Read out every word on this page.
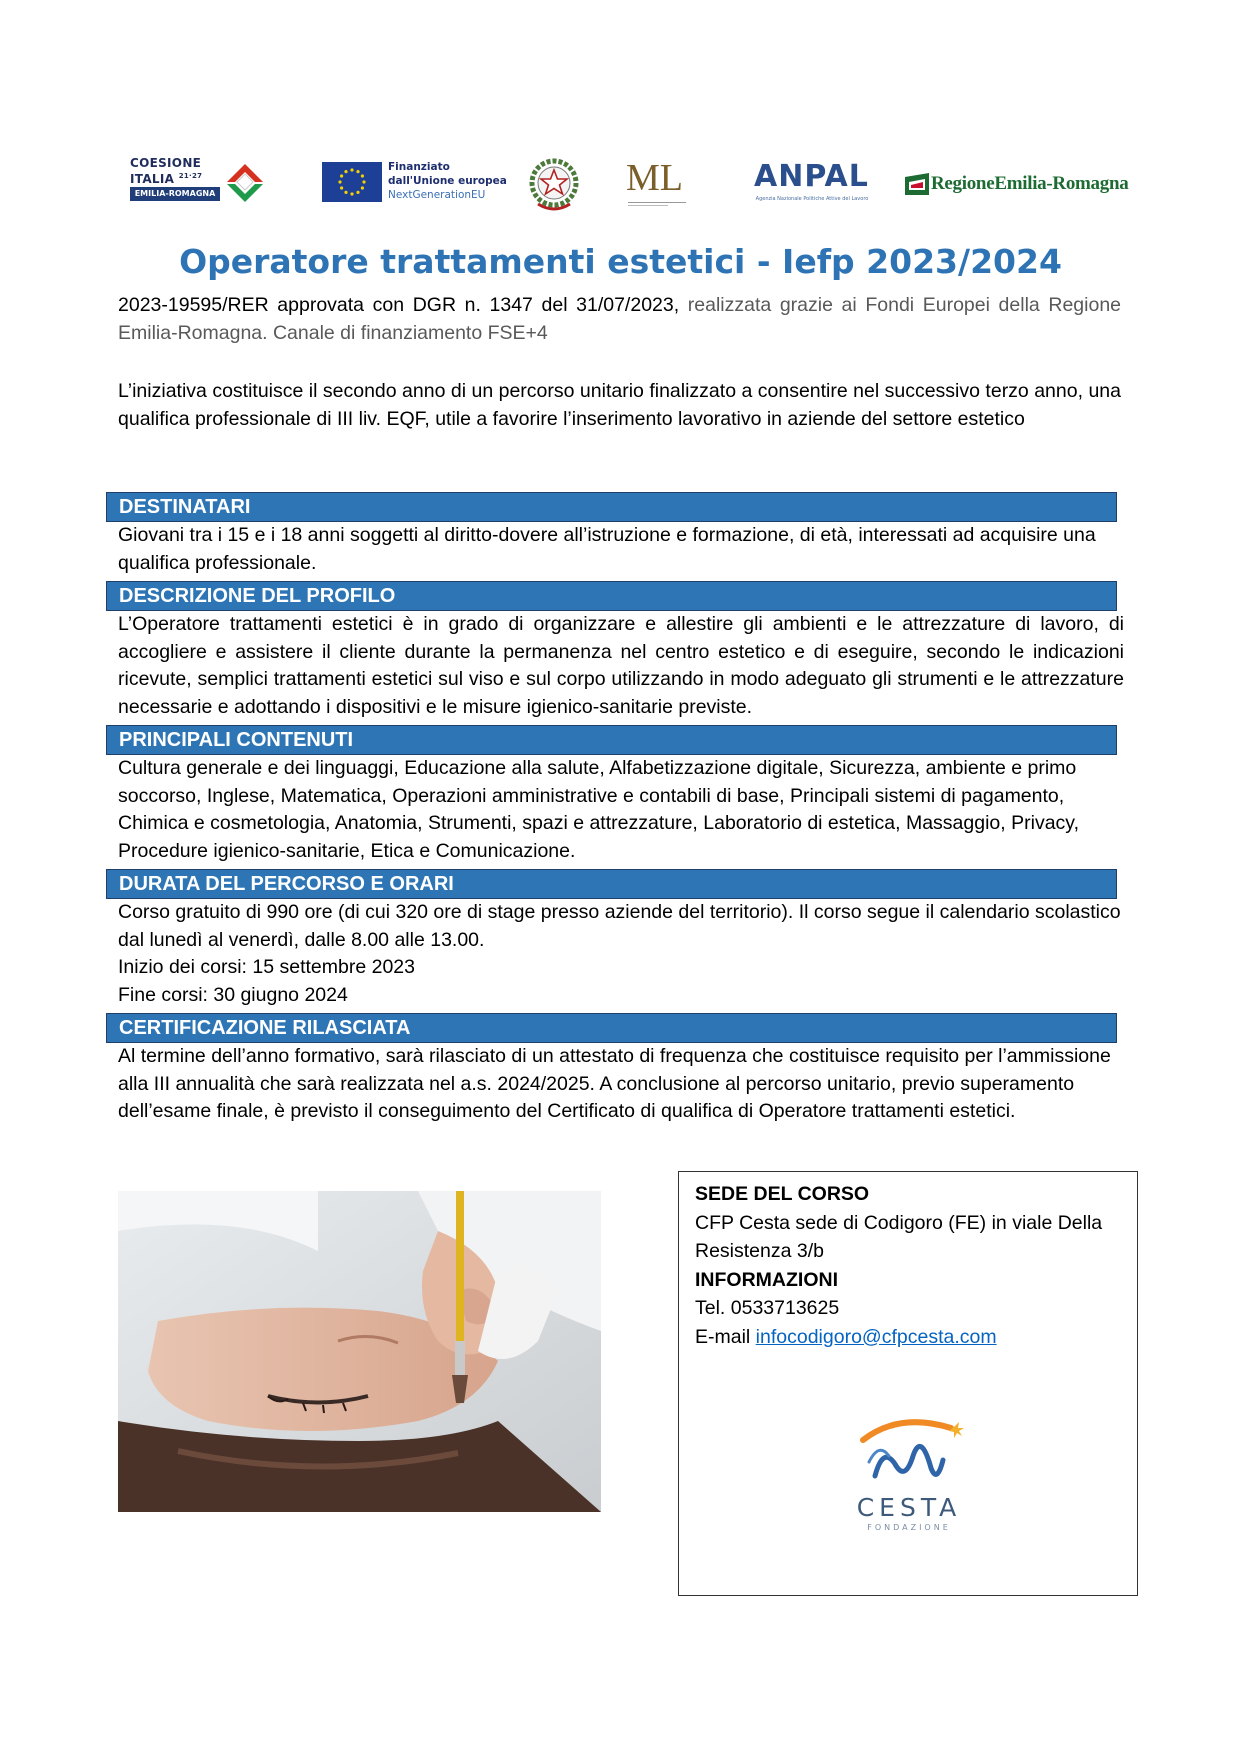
COESIONE
ITALIA $^{21\cdot 27}$
EMILIA-ROMAGNA
Finanziato
dall'Unione europea
NextGenerationEU	ML ANPAL
Agenzia Nazionale Politiche Attive del Lavoro
RegioneEmilia-Romagna
Operatore trattamenti estetici - Iefp 2023/2024
2023-19595/RER approvata con DGR n. 1347 del 31/07/2023, realizzata grazie ai Fondi Europei della Regione Emilia-Romagna. Canale di finanziamento FSE+4
L’iniziativa costituisce il secondo anno di un percorso unitario finalizzato a consentire nel successivo terzo anno, una qualifica professionale di III liv. EQF, utile a favorire l’inserimento lavorativo in aziende del settore estetico
DESTINATARI
Giovani tra i 15 e i 18 anni soggetti al diritto-dovere all’istruzione e formazione, di età, interessati ad acquisire una qualifica professionale.
DESCRIZIONE DEL PROFILO
L’Operatore trattamenti estetici è in grado di organizzare e allestire gli ambienti e le attrezzature di lavoro, di accogliere e assistere il cliente durante la permanenza nel centro estetico e di eseguire, secondo le indicazioni ricevute, semplici trattamenti estetici sul viso e sul corpo utilizzando in modo adeguato gli strumenti e le attrezzature necessarie e adottando i dispositivi e le misure igienico-sanitarie previste.
PRINCIPALI CONTENUTI
Cultura generale e dei linguaggi, Educazione alla salute, Alfabetizzazione digitale, Sicurezza, ambiente e primo soccorso, Inglese, Matematica, Operazioni amministrative e contabili di base, Principali sistemi di pagamento, Chimica e cosmetologia, Anatomia, Strumenti, spazi e attrezzature, Laboratorio di estetica, Massaggio, Privacy, Procedure igienico-sanitarie, Etica e Comunicazione.
DURATA DEL PERCORSO E ORARI

Corso gratuito di 990 ore (di cui 320 ore di stage presso aziende del territorio). Il corso segue il calendario scolastico dal lunedì al venerdì, dalle 8.00 alle 13.00.

Inizio dei corsi: 15 settembre 2023

Fine corsi: 30 giugno 2024

CERTIFICAZIONE RILASCIATA
Al termine dell’anno formativo, sarà rilasciato di un attestato di frequenza che costituisce requisito per l’ammissione alla III annualità che sarà realizzata nel a.s. 2024/2025. A conclusione al percorso unitario, previo superamento dell’esame finale, è previsto il conseguimento del Certificato di qualifica di Operatore trattamenti estetici.
SEDE DEL CORSO
CFP Cesta sede di Codigoro (FE) in viale Della Resistenza 3/b
INFORMAZIONI
Tel. 0533713625
E-mail infocodigoro@cfpcesta.com
CESTA
FONDAZIONE
